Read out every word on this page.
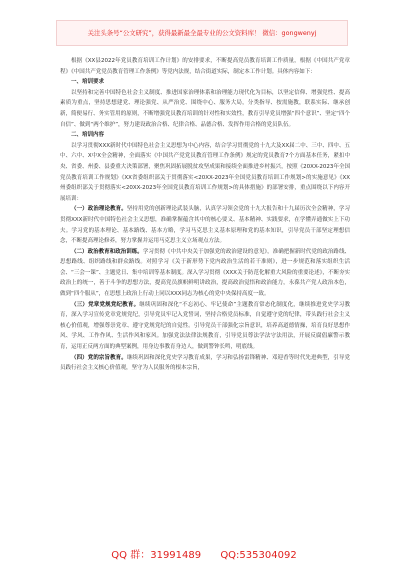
关注头条号“公文研究”，获得最新最全最专业的公文资料库！ 微信：gongwenyj

根据《XX县2022年党员教育培训工作计划》的安排要求，不断提高党员教育培训工作质量，根据《中国共产党章程》《中国共产党党员教育管理工作条例》等党内法规，结合街道实际，制定本工作计划。具体内容如下：

一、培训要求

以坚持和完善中国特色社会主义制度、推进国家治理体系和治理能力现代化为目标，以坚定信仰、增强党性、提高素质为重点，坚持思想建党、理论强党、从严治党、围绕中心、服务大局，分类指导、按需施教，联系实际、继承创新，简便易行、务实管用的原则，不断增强党员教育培训的针对性和实效性，教育引导党员增强“四个意识”、坚定“四个自信”、做到“两个维护”，努力建设政治合格、纪律合格、品德合格、发挥作用合格的党员队伍。

二、培训内容

以学习贯彻XXX新时代中国特色社会主义思想为中心内容，结合学习贯彻党的十九大及XX届二中、三中、四中、五中、六中、X中X全会精神，全面落实《中国共产党党员教育管理工作条例》规定的党员教育7个方面基本任务，紧扣中央、省委、州委、县委重大决策部署，聚焦巩固拓展脱贫攻坚成果和接续全面推进乡村振兴，按照《20XX-2023年全国党员教育培训工作规划》《XX省委组织部关于贯彻落实<20XX-2023年全国党员教育培训工作规划>的实施意见》《XX州委组织部关于贯彻落实<20XX-2023年全国党员教育培训工作规划>的具体措施》的部署安排，重点围绕以下内容开展培训：

（一）政治理论教育。坚持用党的创新理论武装头脑，认真学习领会党的十九大报告和十九届历次全会精神，学习贯彻XXX新时代中国特色社会主义思想，准确掌握蕴含其中的核心要义、基本精神、实践要求，在学懂弄通做实上下功夫。学习党的基本理论、基本路线、基本方略，学习马克思主义基本原理和党的基本知识，引导党员干部坚定理想信念，不断提高理论修养，努力掌握并运用马克思主义立场观点方法。

（二）政治教育和政治训练。学习贯彻《中共中央关于加强党的政治建设的意见》，准确把握新时代党的政治路线、思想路线、组织路线和群众路线。对照学习《关于新形势下党内政治生活的若干准则》，进一步规范和落实组织生活会、“三会一课”、主题党日、集中培训等基本制度。深入学习贯彻《XXX关于防范化解重大风险的重要论述》，不断夯实政治上的统一，善于斗争的思想方法，提高党员旗帜鲜明讲政治，提高政治觉悟和政治能力，永葆共产党人政治本色，做到“四个服从”，在思想上政治上行动上同以XXX同志为核心的党中央保持高度一致。

（三）党章党规党纪教育。继续巩固和深化“不忘初心、牢记使命”主题教育常态化制度化，继续推进党史学习教育，深入学习宣传党章党规党纪，引导党员牢记入党誓词，坚持合格党员标准，自觉遵守党的纪律，带头践行社会主义核心价值观，增强尊崇党章、遵守党规党纪的自觉性。引导党员干部强化宗旨意识，培养高道德情操，培育良好思想作风、学风、工作作风、生活作风和家风。加强党法法律法规教育，引导党员尊法学法守法用法，开展反腐倡廉警示教育，运用正反两方面的典型案例，用身边事教育身边人，做到警钟长鸣，明底线。

（四）党的宗旨教育。继续巩固和深化党史学习教育成果，学习和弘扬雷锋精神、邓迎香等时代先进典型，引导党员践行社会主义核心价值观，坚守为人民服务的根本宗旨，

QQ 群：31991489 QQ:535304092
